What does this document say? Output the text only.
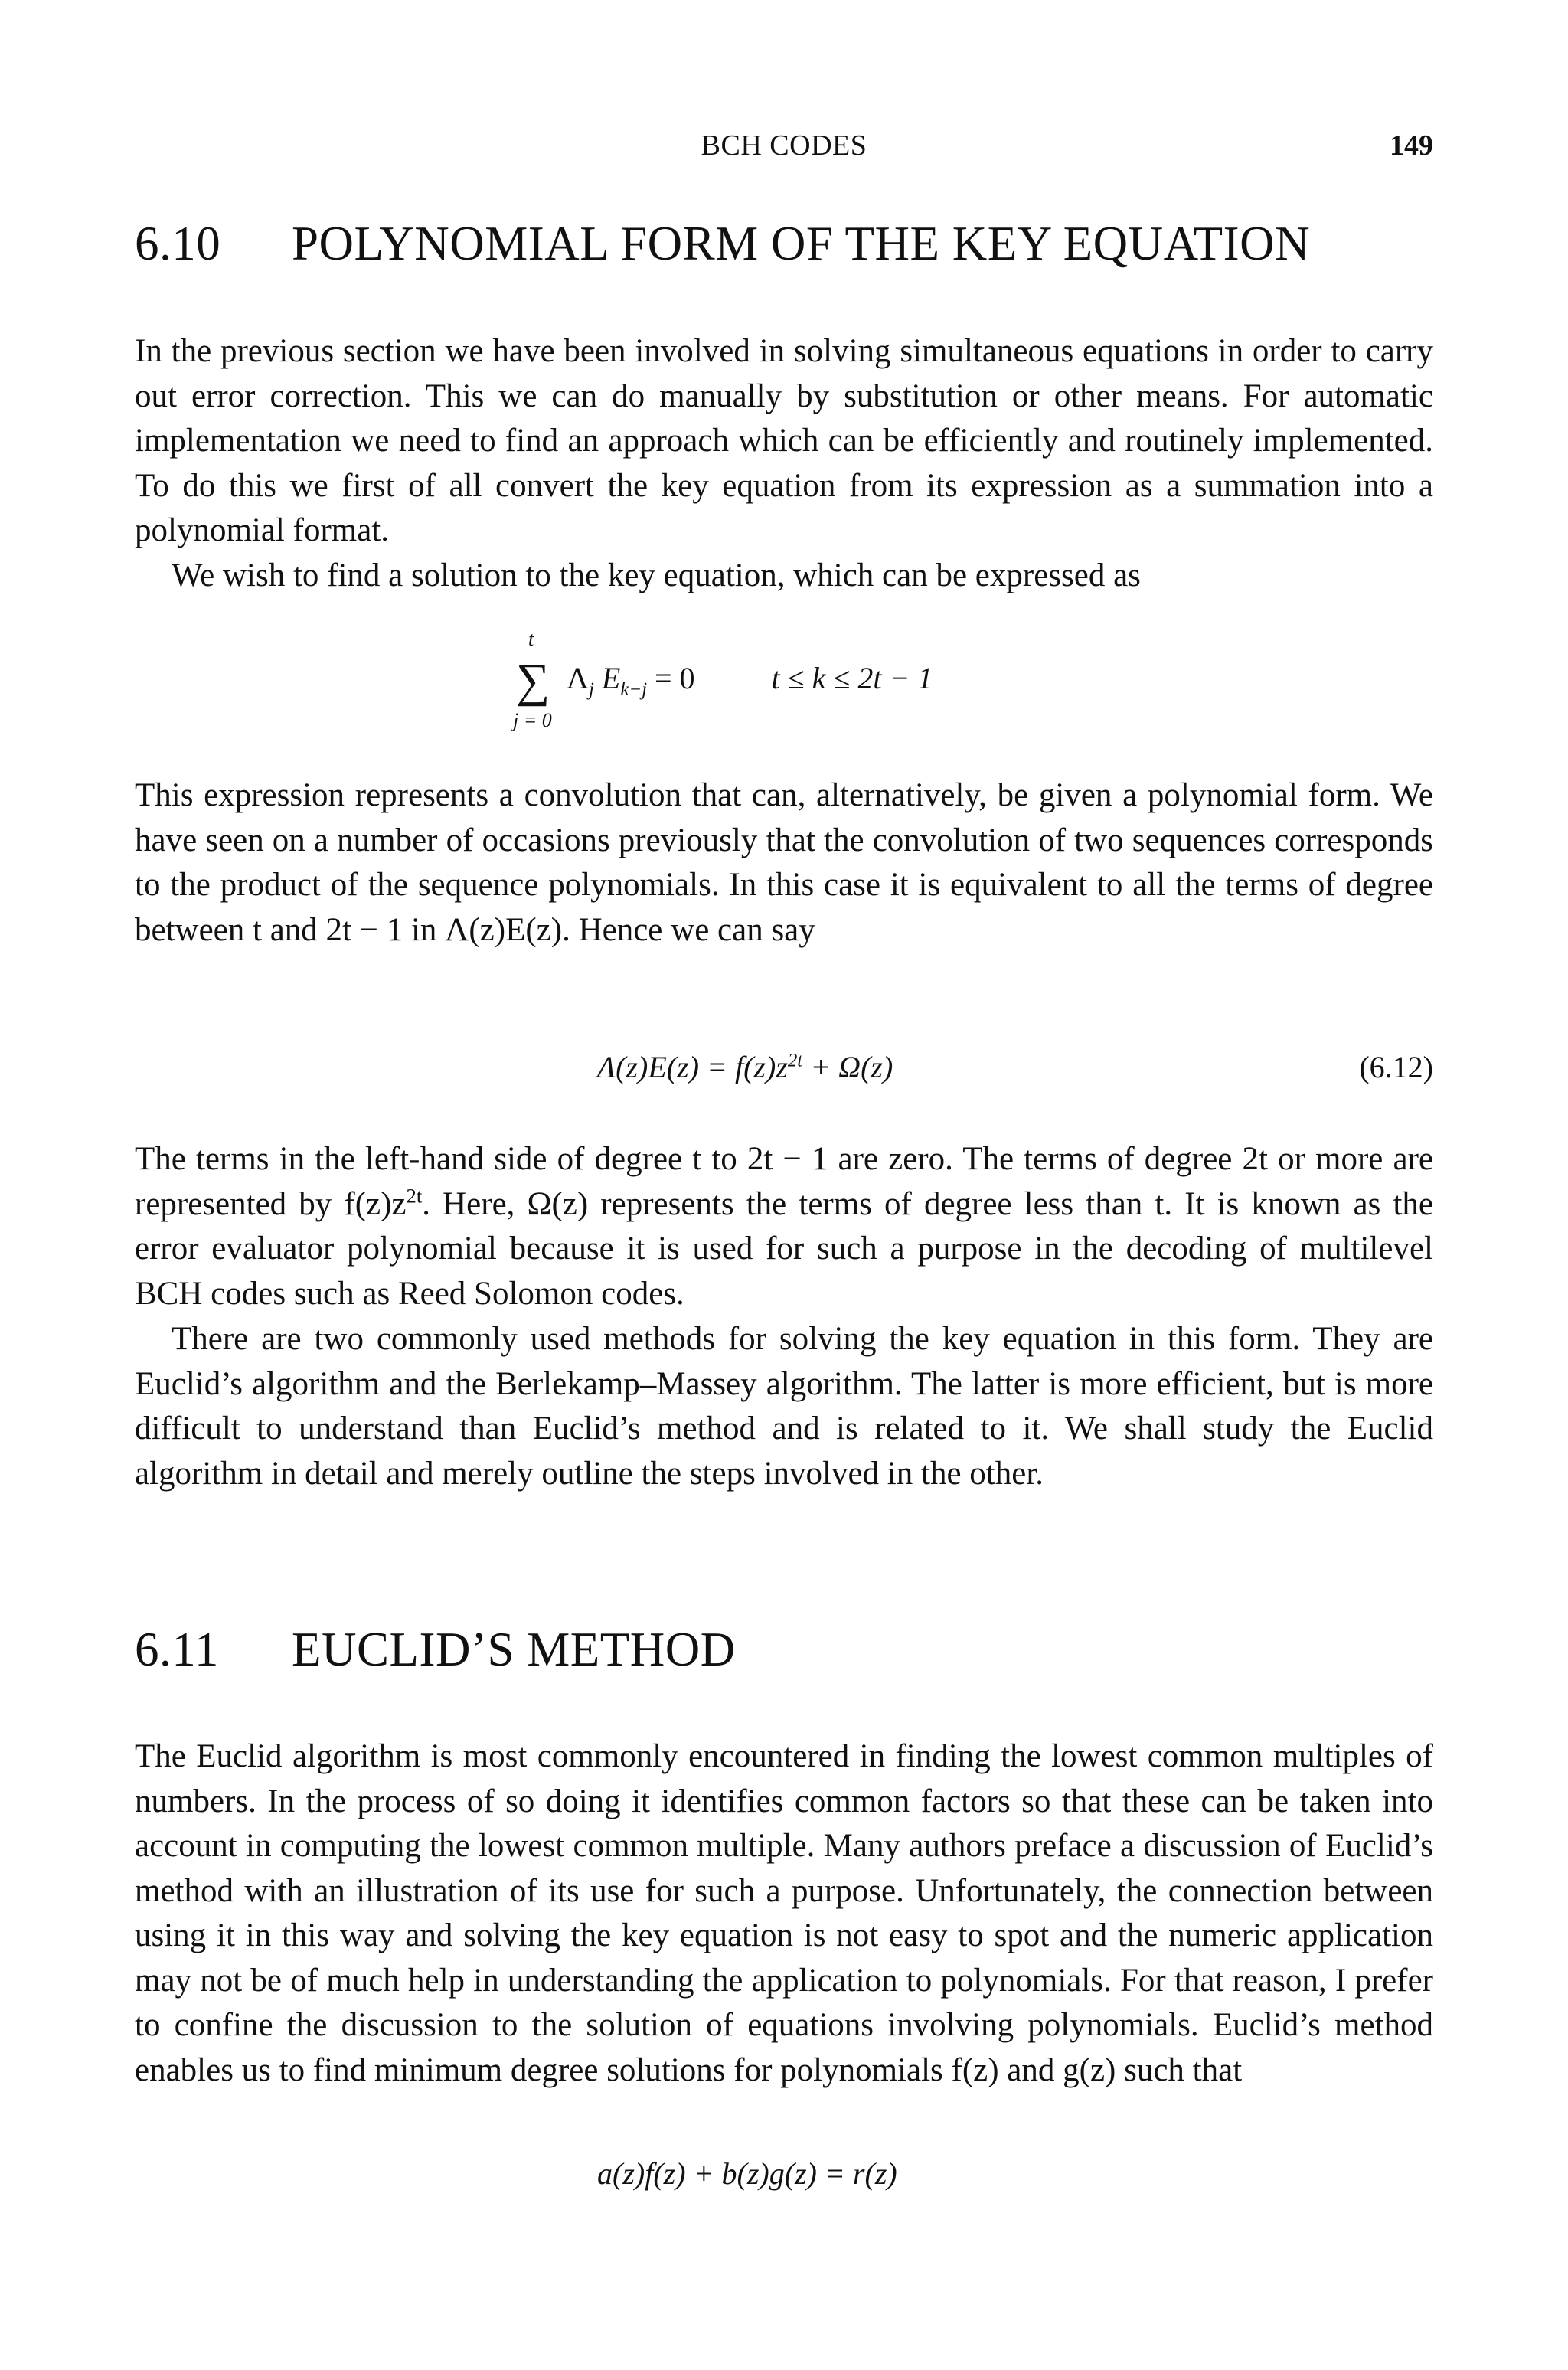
BCH CODES	149
6.10 POLYNOMIAL FORM OF THE KEY EQUATION

In the previous section we have been involved in solving simultaneous equations in order to carry out error correction. This we can do manually by substitution or other means. For automatic implementation we need to find an approach which can be efficiently and routinely implemented. To do this we first of all convert the key equation from its expression as a summation into a polynomial format.

We wish to find a solution to the key equation, which can be expressed as

t
∑
j = 0
$\Lambda_j$ $E_{k-j} = 0$	t ≤ k ≤ 2t − 1

This expression represents a convolution that can, alternatively, be given a polynomial form. We have seen on a number of occasions previously that the convolution of two sequences corresponds to the product of the sequence polynomials. In this case it is equivalent to all the terms of degree between t and 2t − 1 in Λ(z)E(z). Hence we can say

$\Lambda(z)E(z) = f(z)z^{2t} + \Omega(z)$	(6.12)

The terms in the left-hand side of degree t to 2t − 1 are zero. The terms of degree 2t or more are represented by $f(z)z^{2t}$. Here, Ω(z) represents the terms of degree less than t. It is known as the error evaluator polynomial because it is used for such a purpose in the decoding of multilevel BCH codes such as Reed Solomon codes.

There are two commonly used methods for solving the key equation in this form. They are Euclid’s algorithm and the Berlekamp–Massey algorithm. The latter is more efficient, but is more difficult to understand than Euclid’s method and is related to it. We shall study the Euclid algorithm in detail and merely outline the steps involved in the other.

6.11 EUCLID’S METHOD

The Euclid algorithm is most commonly encountered in finding the lowest common multiples of numbers. In the process of so doing it identifies common factors so that these can be taken into account in computing the lowest common multiple. Many authors preface a discussion of Euclid’s method with an illustration of its use for such a purpose. Unfortunately, the connection between using it in this way and solving the key equation is not easy to spot and the numeric application may not be of much help in understanding the application to polynomials. For that reason, I prefer to confine the discussion to the solution of equations involving polynomials. Euclid’s method enables us to find minimum degree solutions for polynomials f(z) and g(z) such that

a(z)f(z) + b(z)g(z) = r(z)
